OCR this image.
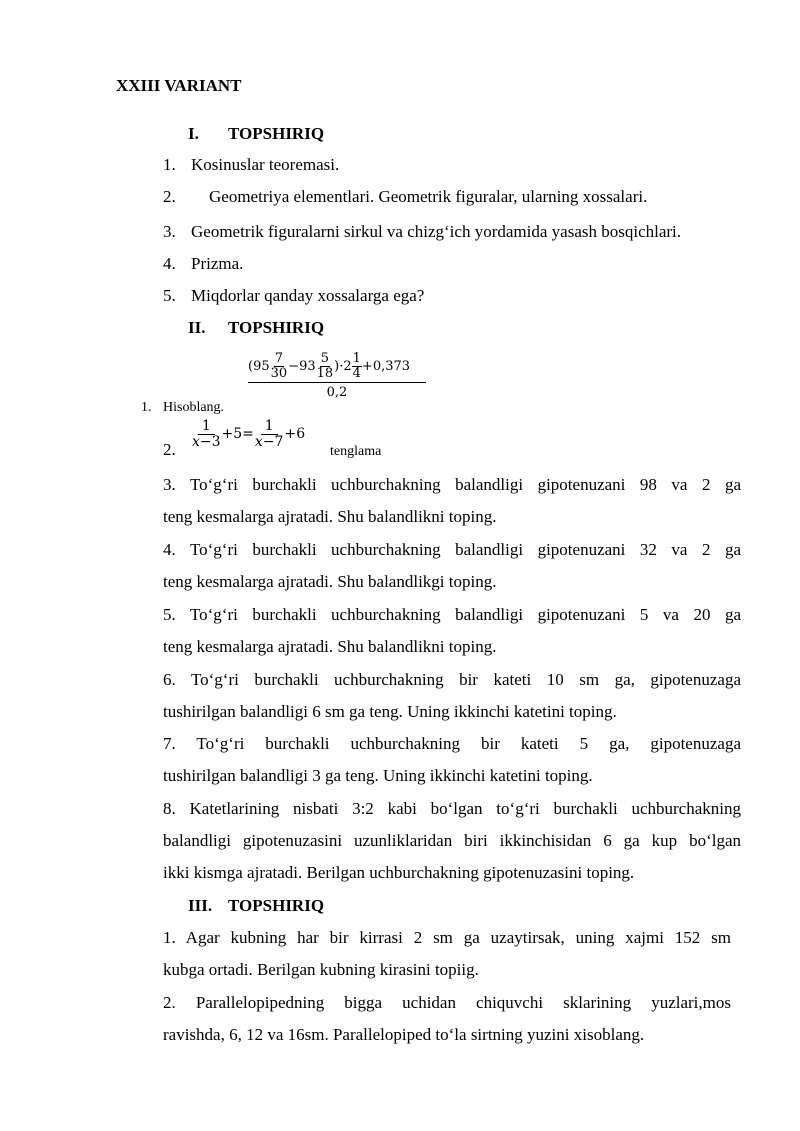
XXIII VARIANT
I. TOPSHIRIQ
1. Kosinuslar teoremasi.
2. Geometriya elementlari. Geometrik figuralar, ularning xossalari.
3. Geometrik figuralarni sirkul va chizg‘ich yordamida yasash bosqichlari.
4. Prizma.
5. Miqdorlar qanday xossalarga ega?
II. TOPSHIRIQ
$\frac{(95 \frac{7}{30} -93 \frac{5}{18} )\cdot 2 \frac{1}{4} +0,373}{0,2}$
1. Hisoblang.
2.
$\frac{1}{x-3} +5= \frac{1}{x-7} +6$
tenglama
3. To‘g‘ri burchakli uchburchakning balandligi gipotenuzani 98 va 2 ga
teng kesmalarga ajratadi. Shu balandlikni toping.
4. To‘g‘ri burchakli uchburchakning balandligi gipotenuzani 32 va 2 ga
teng kesmalarga ajratadi. Shu balandlikgi toping.
5. To‘g‘ri burchakli uchburchakning balandligi gipotenuzani 5 va 20 ga
teng kesmalarga ajratadi. Shu balandlikni toping.
6. To‘g‘ri burchakli uchburchakning bir kateti 10 sm ga, gipotenuzaga
tushirilgan balandligi 6 sm ga teng. Uning ikkinchi katetini toping.
7. To‘g‘ri burchakli uchburchakning bir kateti 5 ga, gipotenuzaga
tushirilgan balandligi 3 ga teng. Uning ikkinchi katetini toping.
8. Katetlarining nisbati 3:2 kabi bo‘lgan to‘g‘ri burchakli uchburchakning
balandligi gipotenuzasini uzunliklaridan biri ikkinchisidan 6 ga kup bo‘lgan
ikki kismga ajratadi. Berilgan uchburchakning gipotenuzasini toping.
III. TOPSHIRIQ
1. Agar kubning har bir kirrasi 2 sm ga uzaytirsak, uning xajmi 152 sm
kubga ortadi. Berilgan kubning kirasini topiig.
2. Parallelopipedning bigga uchidan chiquvchi sklarining yuzlari,mos
ravishda, 6, 12 va 16sm. Parallelopiped to‘la sirtning yuzini xisoblang.
